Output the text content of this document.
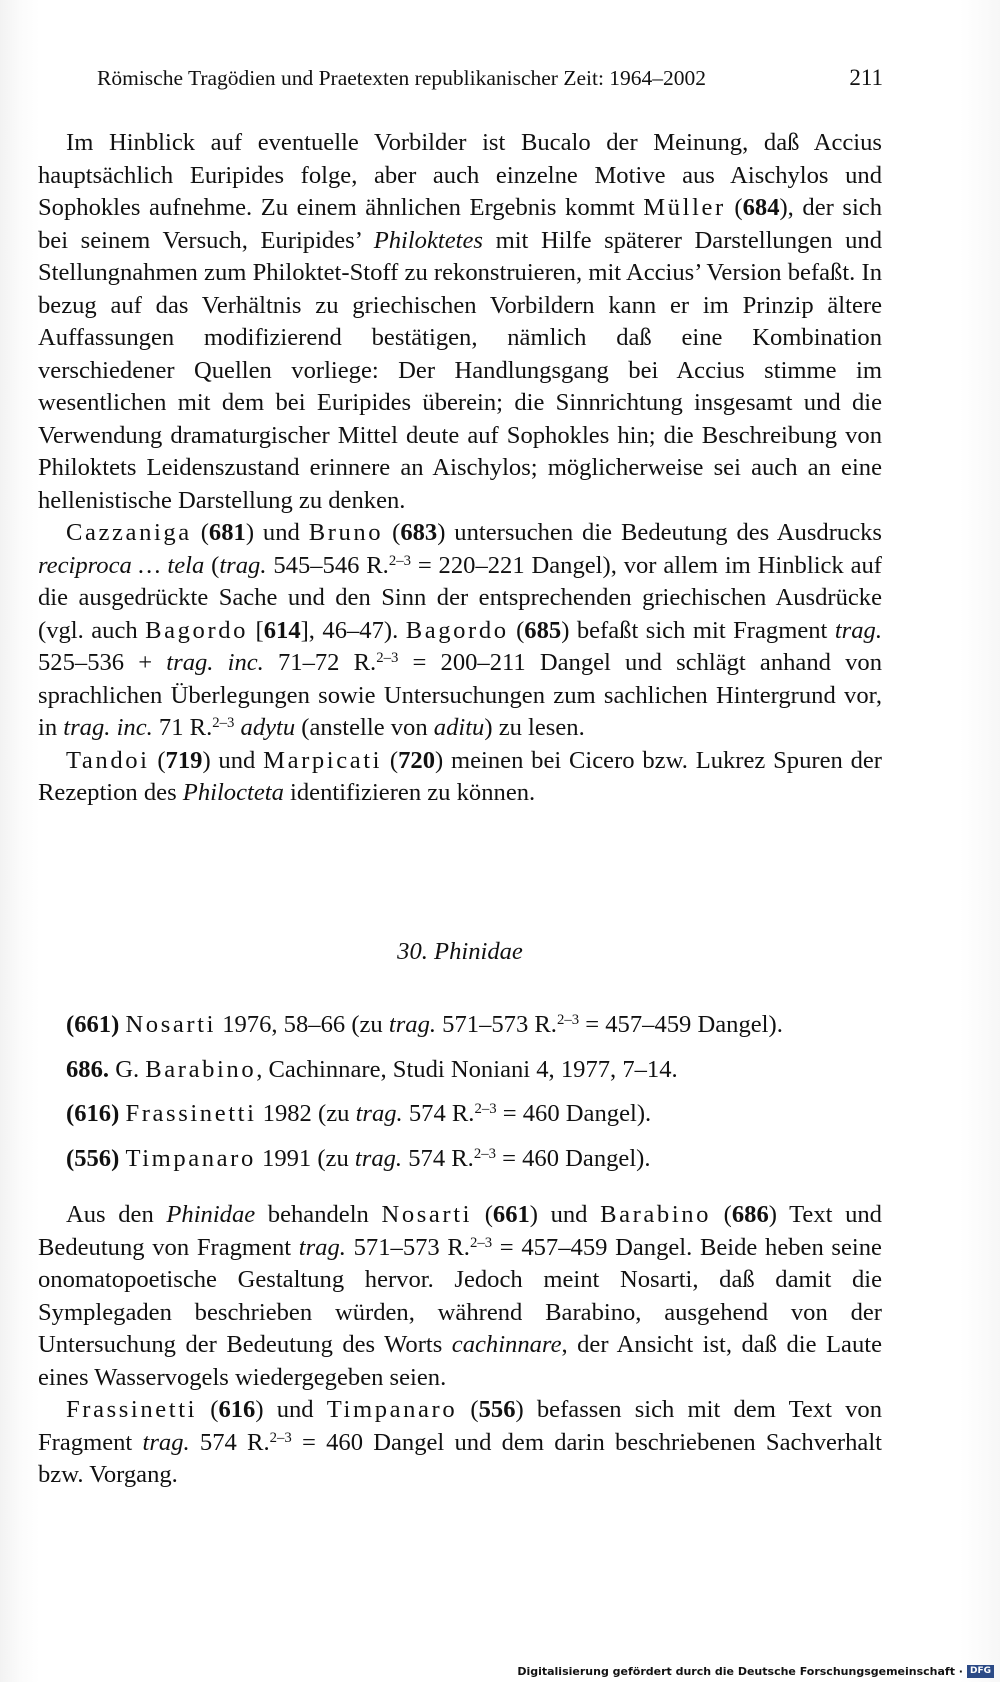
Römische Tragödien und Praetexten republikanischer Zeit: 1964–2002	211

Im Hinblick auf eventuelle Vorbilder ist Bucalo der Meinung, daß Accius hauptsächlich Euripides folge, aber auch einzelne Motive aus Aischylos und Sophokles aufnehme. Zu einem ähnlichen Ergebnis kommt Müller (684), der sich bei seinem Versuch, Euripides’ Philoktetes mit Hilfe späterer Darstellungen und Stellungnahmen zum Philoktet-Stoff zu rekonstruieren, mit Accius’ Version befaßt. In bezug auf das Verhältnis zu griechischen Vorbildern kann er im Prinzip ältere Auffassungen modifizierend bestätigen, nämlich daß eine Kombination verschiedener Quellen vorliege: Der Handlungsgang bei Accius stimme im wesentlichen mit dem bei Euripides überein; die Sinnrichtung insgesamt und die Verwendung dramaturgischer Mittel deute auf Sophokles hin; die Beschreibung von Philoktets Leidenszustand erinnere an Aischylos; möglicherweise sei auch an eine hellenistische Darstellung zu denken.

Cazzaniga (681) und Bruno (683) untersuchen die Bedeutung des Ausdrucks reciproca … tela (trag. 545–546 R.$^{2-3}$ = 220–221 Dangel), vor allem im Hinblick auf die ausgedrückte Sache und den Sinn der entsprechenden griechischen Ausdrücke (vgl. auch Bagordo [614], 46–47). Bagordo (685) befaßt sich mit Fragment trag. 525–536 + trag. inc. 71–72 R.$^{2-3}$ = 200–211 Dangel und schlägt anhand von sprachlichen Überlegungen sowie Untersuchungen zum sachlichen Hintergrund vor, in trag. inc. 71 R.$^{2-3}$ adytu (anstelle von aditu) zu lesen.

Tandoi (719) und Marpicati (720) meinen bei Cicero bzw. Lukrez Spuren der Rezeption des Philocteta identifizieren zu können.

30. Phinidae
(661) Nosarti 1976, 58–66 (zu trag. 571–573 R.$^{2-3}$ = 457–459 Dangel).
686. G. Barabino, Cachinnare, Studi Noniani 4, 1977, 7–14.
(616) Frassinetti 1982 (zu trag. 574 R.$^{2-3}$ = 460 Dangel).
(556) Timpanaro 1991 (zu trag. 574 R.$^{2-3}$ = 460 Dangel).

Aus den Phinidae behandeln Nosarti (661) und Barabino (686) Text und Bedeutung von Fragment trag. 571–573 R.$^{2-3}$ = 457–459 Dangel. Beide heben seine onomatopoetische Gestaltung hervor. Jedoch meint Nosarti, daß damit die Symplegaden beschrieben würden, während Barabino, ausgehend von der Untersuchung der Bedeutung des Worts cachinnare, der Ansicht ist, daß die Laute eines Wasservogels wiedergegeben seien.

Frassinetti (616) und Timpanaro (556) befassen sich mit dem Text von Fragment trag. 574 R.$^{2-3}$ = 460 Dangel und dem darin beschriebenen Sachverhalt bzw. Vorgang.

Digitalisierung gefördert durch die Deutsche Forschungsgemeinschaft · DFG
